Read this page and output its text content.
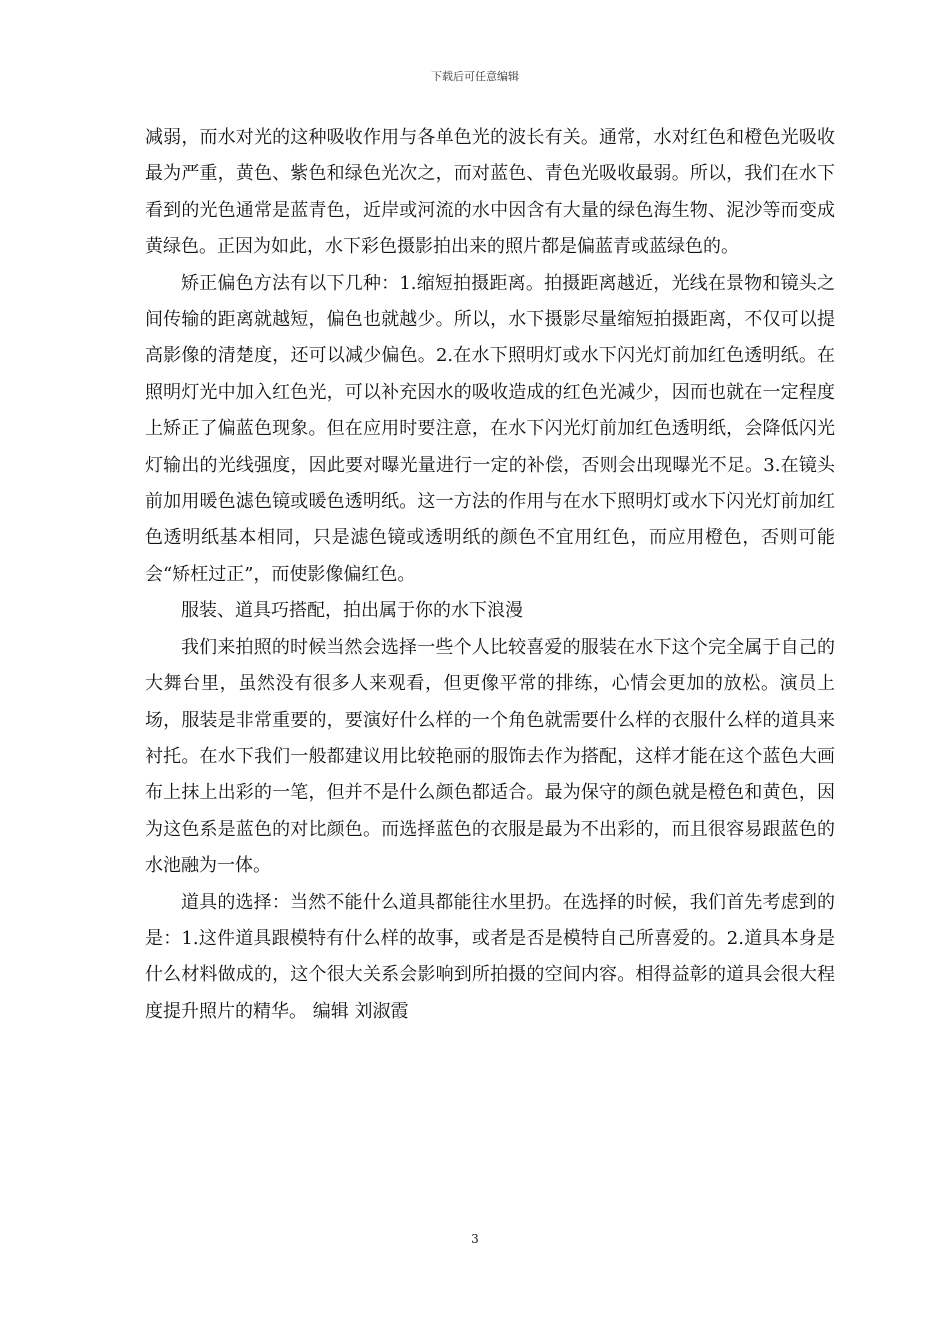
下载后可任意编辑

减弱，而水对光的这种吸收作用与各单色光的波长有关。通常，水对红色和橙色光吸收最为严重，黄色、紫色和绿色光次之，而对蓝色、青色光吸收最弱。所以，我们在水下看到的光色通常是蓝青色，近岸或河流的水中因含有大量的绿色海生物、泥沙等而变成黄绿色。正因为如此，水下彩色摄影拍出来的照片都是偏蓝青或蓝绿色的。

矫正偏色方法有以下几种：1.缩短拍摄距离。拍摄距离越近，光线在景物和镜头之间传输的距离就越短，偏色也就越少。所以，水下摄影尽量缩短拍摄距离，不仅可以提高影像的清楚度，还可以减少偏色。2.在水下照明灯或水下闪光灯前加红色透明纸。在照明灯光中加入红色光，可以补充因水的吸收造成的红色光减少，因而也就在一定程度上矫正了偏蓝色现象。但在应用时要注意，在水下闪光灯前加红色透明纸，会降低闪光灯输出的光线强度，因此要对曝光量进行一定的补偿，否则会出现曝光不足。3.在镜头前加用暖色滤色镜或暖色透明纸。这一方法的作用与在水下照明灯或水下闪光灯前加红色透明纸基本相同，只是滤色镜或透明纸的颜色不宜用红色，而应用橙色，否则可能会“矫枉过正”，而使影像偏红色。

服装、道具巧搭配，拍出属于你的水下浪漫

我们来拍照的时候当然会选择一些个人比较喜爱的服装在水下这个完全属于自己的大舞台里，虽然没有很多人来观看，但更像平常的排练，心情会更加的放松。演员上场，服装是非常重要的，要演好什么样的一个角色就需要什么样的衣服什么样的道具来衬托。在水下我们一般都建议用比较艳丽的服饰去作为搭配，这样才能在这个蓝色大画布上抹上出彩的一笔，但并不是什么颜色都适合。最为保守的颜色就是橙色和黄色，因为这色系是蓝色的对比颜色。而选择蓝色的衣服是最为不出彩的，而且很容易跟蓝色的水池融为一体。

道具的选择：当然不能什么道具都能往水里扔。在选择的时候，我们首先考虑到的是：1.这件道具跟模特有什么样的故事，或者是否是模特自己所喜爱的。2.道具本身是什么材料做成的，这个很大关系会影响到所拍摄的空间内容。相得益彰的道具会很大程度提升照片的精华。 编辑 刘淑霞

3
